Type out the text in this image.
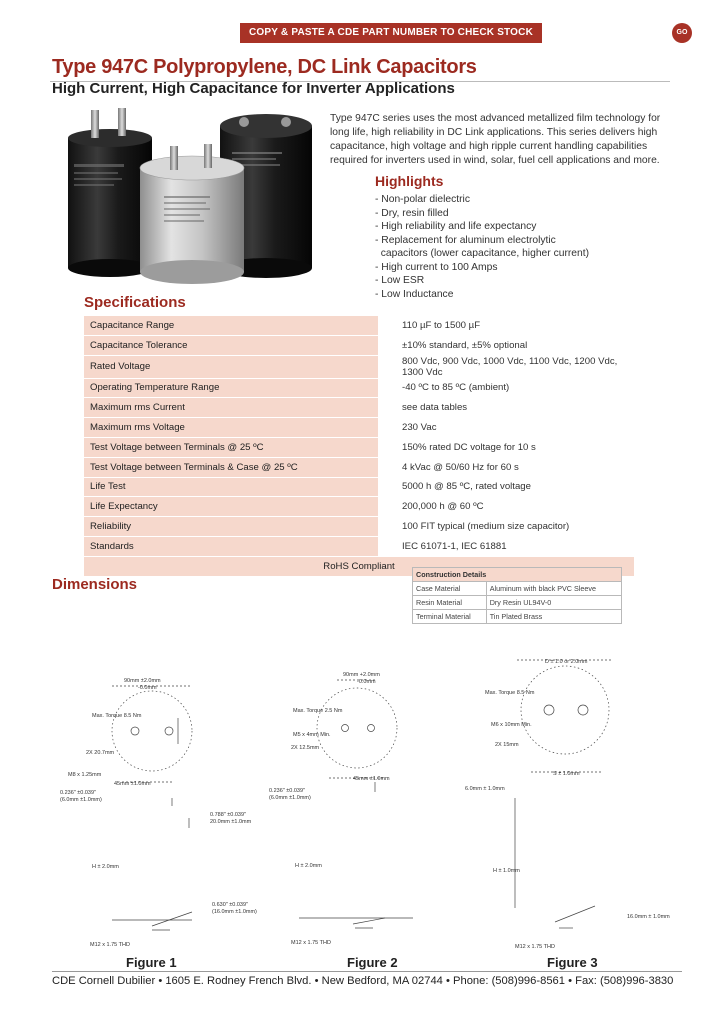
COPY & PASTE A CDE PART NUMBER TO CHECK STOCK ONLINE:
GO
Type 947C Polypropylene, DC Link Capacitors
High Current, High Capacitance for Inverter Applications
Type 947C series uses the most advanced metallized film technology for long life, high reliability in DC Link applications. This series delivers high capacitance, high voltage and high ripple current handling capabilities required for inverters used in wind, solar, fuel cell applications and more.
Highlights
- Non-polar dielectric
- Dry, resin filled
- High reliability and life expectancy
- Replacement for aluminum electrolytic
capacitors (lower capacitance, higher current)
- High current to 100 Amps
- Low ESR
- Low Inductance
Specifications
Capacitance Range	110 µF to 1500 µF
Capacitance Tolerance	±10% standard, ±5% optional
Rated Voltage	800 Vdc, 900 Vdc, 1000 Vdc, 1100 Vdc, 1200 Vdc, 1300 Vdc
Operating Temperature Range	-40 ºC to 85 ºC (ambient)
Maximum rms Current	see data tables
Maximum rms Voltage	230 Vac
Test Voltage between Terminals @ 25 ºC	150% rated DC voltage for 10 s
Test Voltage between Terminals & Case @ 25 ºC	4 kVac @ 50/60 Hz for 60 s
Life Test	5000 h @ 85 ºC, rated voltage
Life Expectancy	200,000 h @ 60 ºC
Reliability	100 FIT typical (medium size capacitor)
Standards	IEC 61071-1, IEC 61881
RoHS Compliant	
Dimensions
Construction Details	
Case Material	Aluminum with black PVC Sleeve
Resin Material	Dry Resin UL94V-0
Terminal Material	Tin Plated Brass
90mm ±2.0mm
-0.0mm
Max. Torque 8.5 Nm
2X 20.7mm
M8 x 1.25mm
45mm ±1.0mm
0.236" ±0.039"
(6.0mm ±1.0mm)
0.788" ±0.039"
20.0mm ±1.0mm
H ± 2.0mm
0.630" ±0.039"
(16.0mm ±1.0mm)
M12 x 1.75 THD
Figure 1
90mm +2.0mm
-0.0mm
Max. Torque 2.5 Nm
M5 x 4mm Min.
2X 12.5mm
45mm ±1.0mm
0.236" ±0.039"
(6.0mm ±1.0mm)
H ± 2.0mm
M12 x 1.75 THD
Figure 2
D ± 1.0 or 2.0mm
Max. Torque 8.5 Nm
M6 x 10mm Min.
2X 15mm
S ± 1.0mm
6.0mm ± 1.0mm
H ± 1.0mm
16.0mm ± 1.0mm
M12 x 1.75 THD
Figure 3
CDE Cornell Dubilier • 1605 E. Rodney French Blvd. • New Bedford, MA 02744 • Phone: (508)996-8561 • Fax: (508)996-3830
